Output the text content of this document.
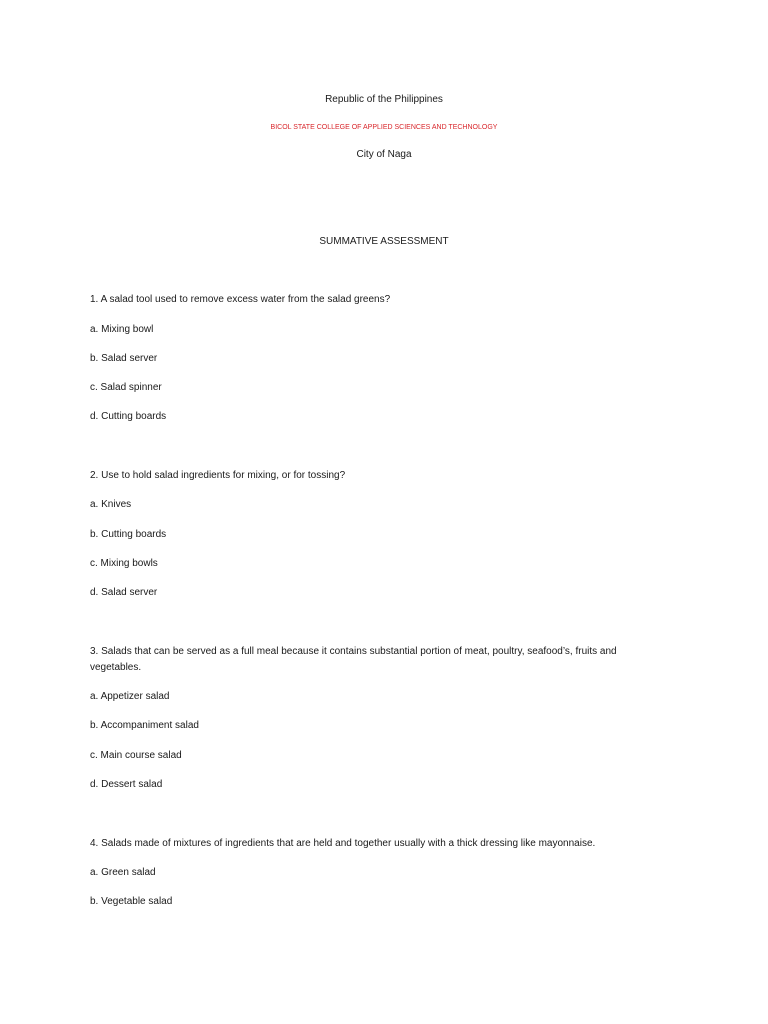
Republic of the Philippines
BICOL STATE COLLEGE OF APPLIED SCIENCES AND TECHNOLOGY
City of Naga
SUMMATIVE ASSESSMENT
1. A salad tool used to remove excess water from the salad greens?
a. Mixing bowl
b. Salad server
c. Salad spinner
d. Cutting boards
2. Use to hold salad ingredients for mixing, or for tossing?
a. Knives
b. Cutting boards
c. Mixing bowls
d. Salad server
3. Salads that can be served as a full meal because it contains substantial portion of meat, poultry, seafood’s, fruits and vegetables.
a. Appetizer salad
b. Accompaniment salad
c. Main course salad
d. Dessert salad
4. Salads made of mixtures of ingredients that are held and together usually with a thick dressing like mayonnaise.
a. Green salad
b. Vegetable salad
